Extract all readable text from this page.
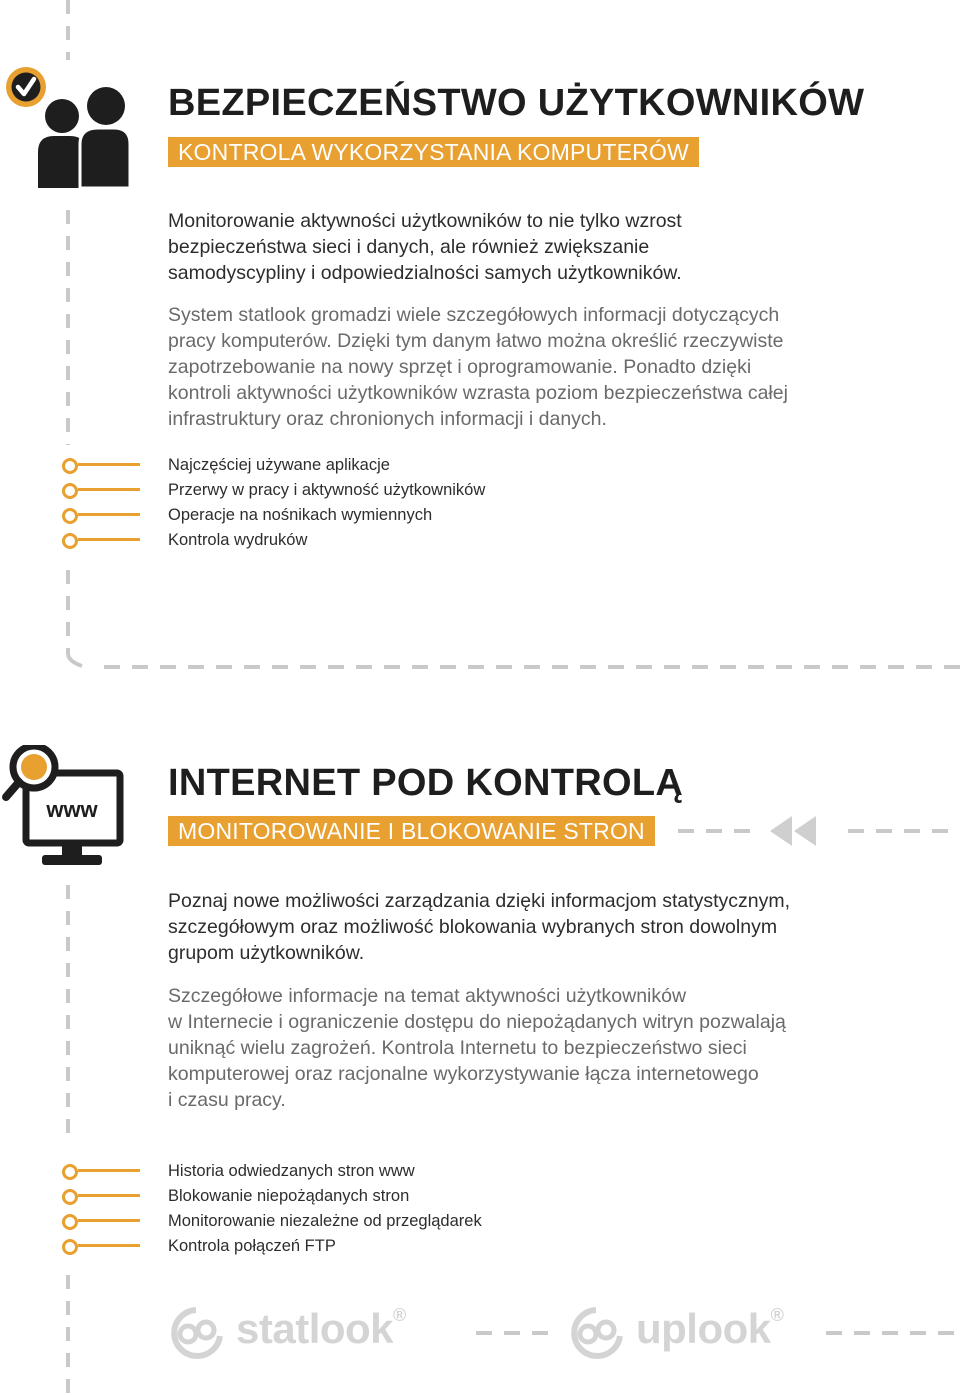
BEZPIECZEŃSTWO UŻYTKOWNIKÓW
KONTROLA WYKORZYSTANIA KOMPUTERÓW

Monitorowanie aktywności użytkowników to nie tylko wzrost
bezpieczeństwa sieci i danych, ale również zwiększanie
samodyscypliny i odpowiedzialności samych użytkowników.

System statlook gromadzi wiele szczegółowych informacji dotyczących
pracy komputerów. Dzięki tym danym łatwo można określić rzeczywiste
zapotrzebowanie na nowy sprzęt i oprogramowanie. Ponadto dzięki
kontroli aktywności użytkowników wzrasta poziom bezpieczeństwa całej
infrastruktury oraz chronionych informacji i danych.

Najczęściej używane aplikacje
Przerwy w pracy i aktywność użytkowników
Operacje na nośnikach wymiennych
Kontrola wydruków
www
INTERNET POD KONTROLĄ
MONITOROWANIE I BLOKOWANIE STRON

Poznaj nowe możliwości zarządzania dzięki informacjom statystycznym,
szczegółowym oraz możliwość blokowania wybranych stron dowolnym
grupom użytkowników.

Szczegółowe informacje na temat aktywności użytkowników
w Internecie i ograniczenie dostępu do niepożądanych witryn pozwalają
uniknąć wielu zagrożeń. Kontrola Internetu to bezpieczeństwo sieci
komputerowej oraz racjonalne wykorzystywanie łącza internetowego
i czasu pracy.

Historia odwiedzanych stron www
Blokowanie niepożądanych stron
Monitorowanie niezależne od przeglądarek
Kontrola połączeń FTP
statlook®	uplook®
